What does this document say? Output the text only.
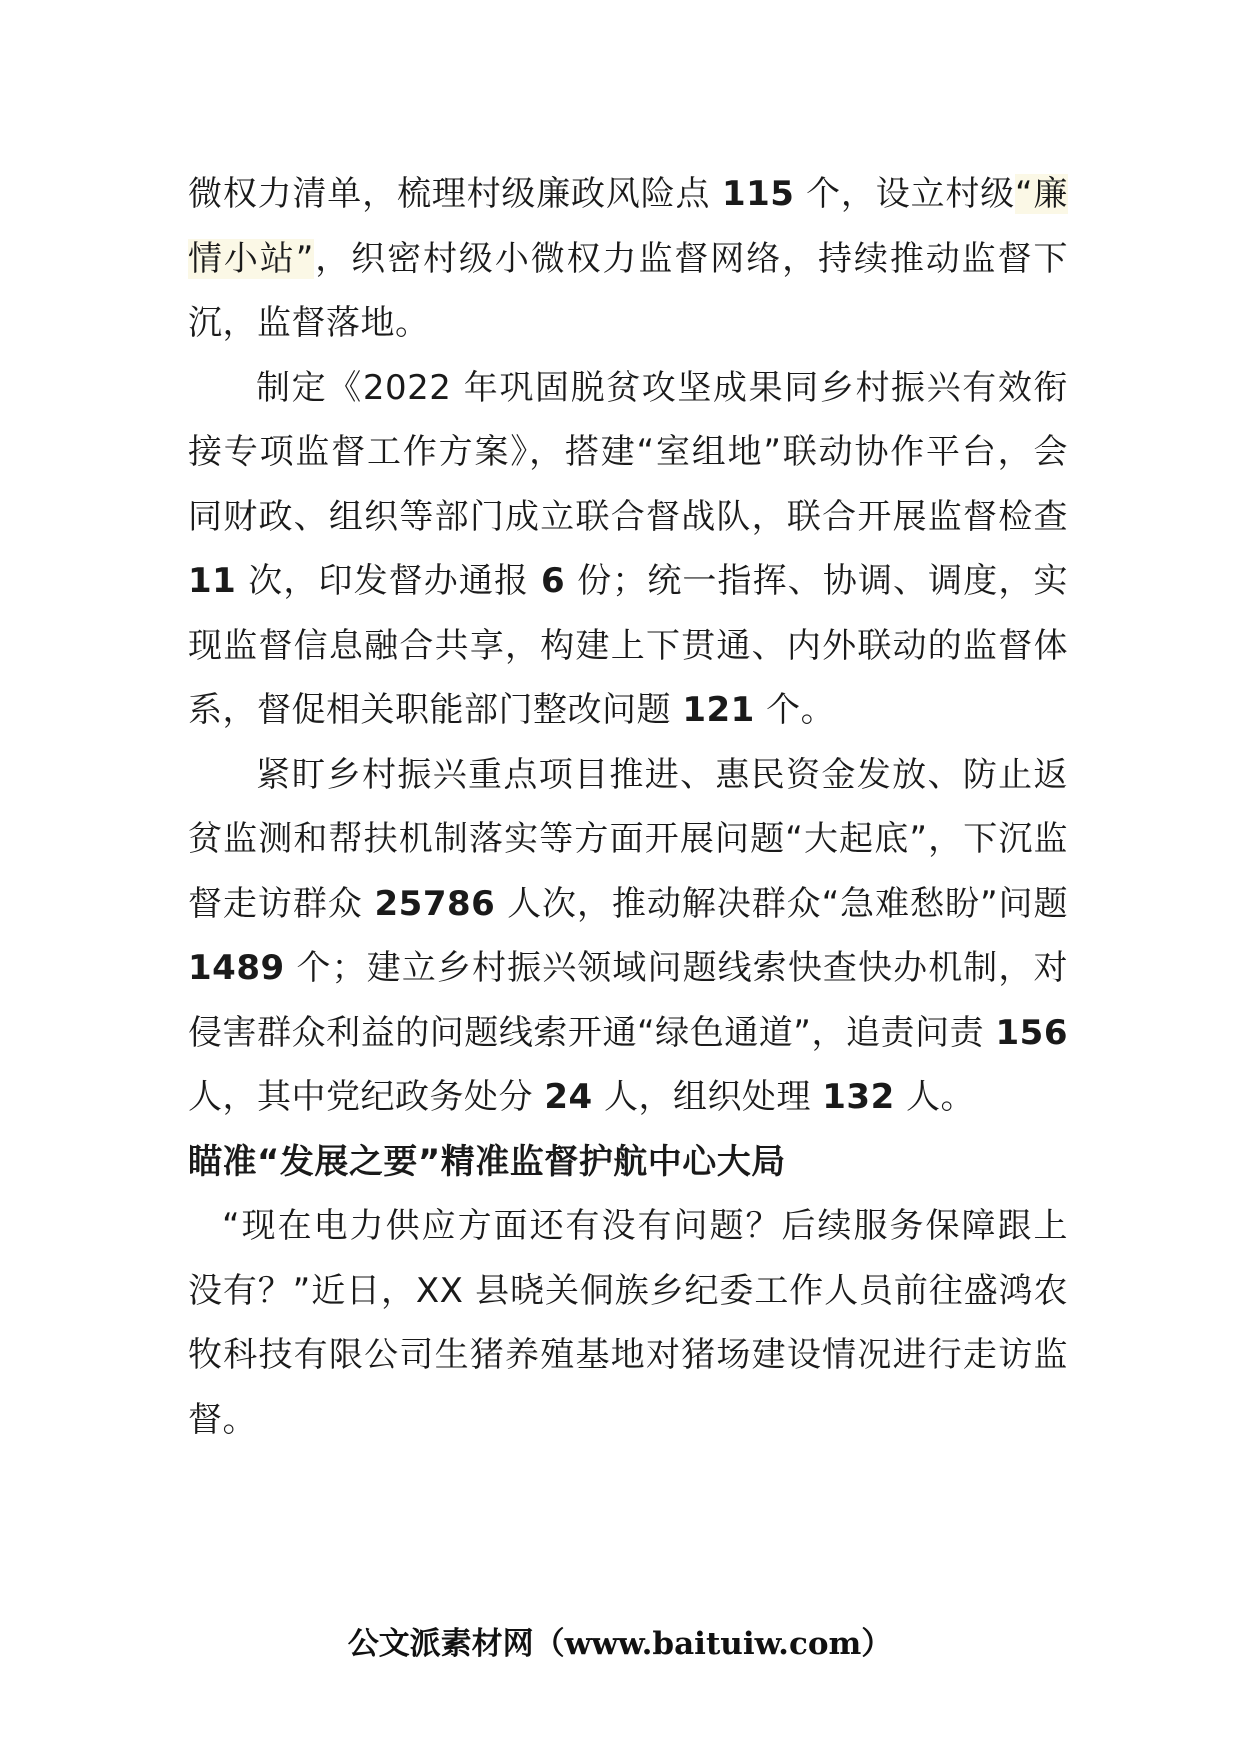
微权力清单，梳理村级廉政风险点 115 个，设立村级“廉情小站”，织密村级小微权力监督网络，持续推动监督下沉，监督落地。

制定《2022 年巩固脱贫攻坚成果同乡村振兴有效衔接专项监督工作方案》，搭建“室组地”联动协作平台，会同财政、组织等部门成立联合督战队，联合开展监督检查 11 次，印发督办通报 6 份；统一指挥、协调、调度，实现监督信息融合共享，构建上下贯通、内外联动的监督体系，督促相关职能部门整改问题 121 个。

紧盯乡村振兴重点项目推进、惠民资金发放、防止返贫监测和帮扶机制落实等方面开展问题“大起底”，下沉监督走访群众 25786 人次，推动解决群众“急难愁盼”问题 1489 个；建立乡村振兴领域问题线索快查快办机制，对侵害群众利益的问题线索开通“绿色通道”，追责问责 156 人，其中党纪政务处分 24 人，组织处理 132 人。

瞄准“发展之要”精准监督护航中心大局

“现在电力供应方面还有没有问题？后续服务保障跟上没有？”近日，XX 县晓关侗族乡纪委工作人员前往盛鸿农牧科技有限公司生猪养殖基地对猪场建设情况进行走访监督。

公文派素材网（www.baituiw.com）
